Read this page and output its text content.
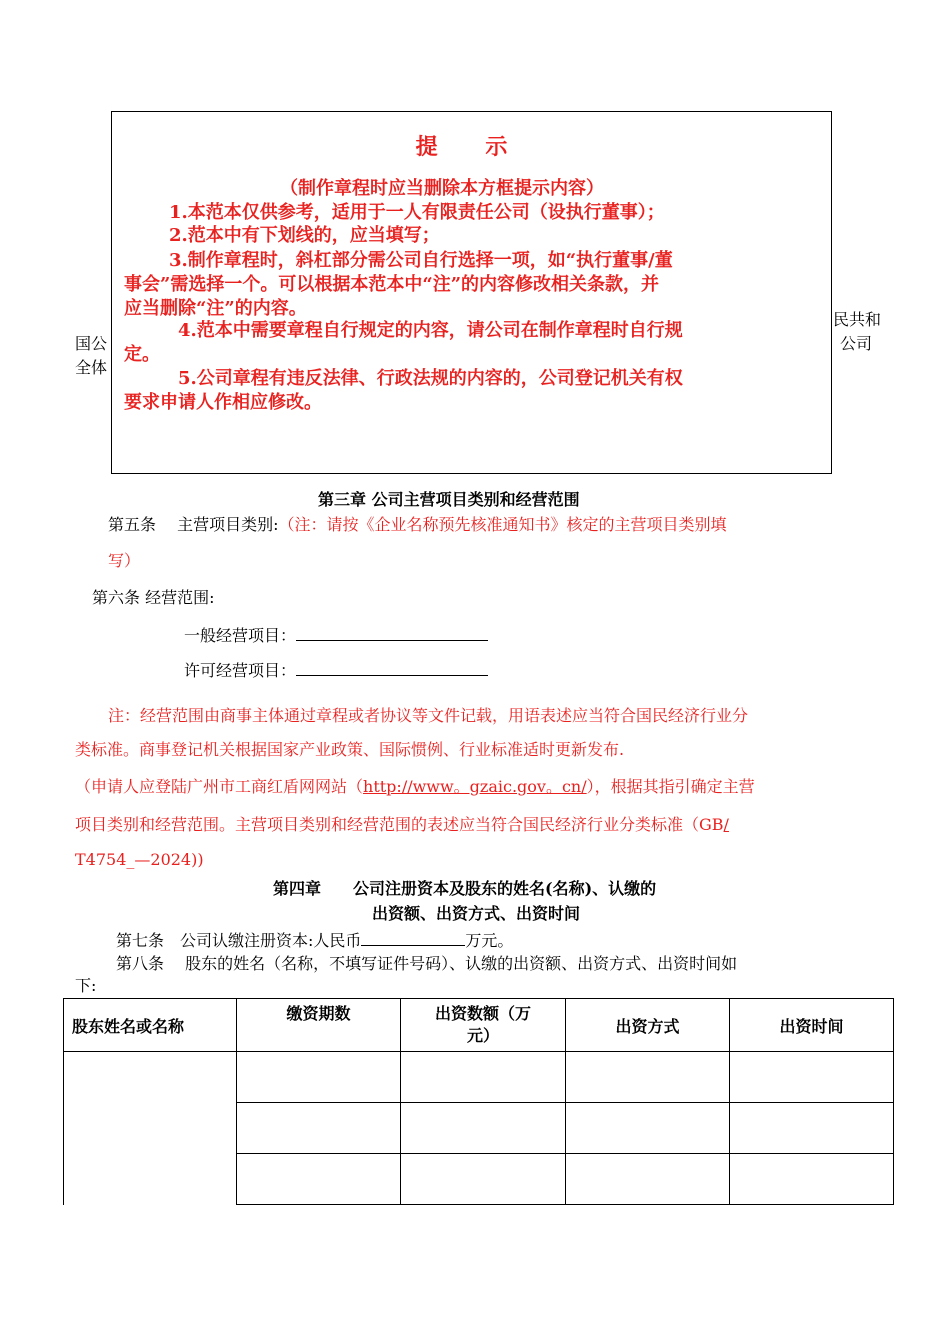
民共和
国公	公司
全体
提 示
（制作章程时应当删除本方框提示内容）
1.本范本仅供参考，适用于一人有限责任公司（设执行董事）；
2.范本中有下划线的，应当填写；
3.制作章程时，斜杠部分需公司自行选择一项，如“执行董事/董
事会”需选择一个。可以根据本范本中“注”的内容修改相关条款，并
应当删除“注”的内容。
4.范本中需要章程自行规定的内容，请公司在制作章程时自行规
定。
5.公司章程有违反法律、行政法规的内容的，公司登记机关有权
要求申请人作相应修改。
第三章 公司主营项目类别和经营范围
第五条　 主营项目类别:（注：请按《企业名称预先核准通知书》核定的主营项目类别填
写）
第六条 经营范围:
一般经营项目：
许可经营项目：
注：经营范围由商事主体通过章程或者协议等文件记载，用语表述应当符合国民经济行业分
类标准。商事登记机关根据国家产业政策、国际惯例、行业标准适时更新发布.
（申请人应登陆广州市工商红盾网网站（http://www。gzaic.gov。cn/），根据其指引确定主营
项目类别和经营范围。主营项目类别和经营范围的表述应当符合国民经济行业分类标准（GB/
T4754_—2024))
第四章　　公司注册资本及股东的姓名(名称)、认缴的
出资额、出资方式、出资时间
第七条　公司认缴注册资本:人民币	万元。
第八条　 股东的姓名（名称，不填写证件号码）、认缴的出资额、出资方式、出资时间如
下:
股东姓名或名称	缴资期数	出资数额（万
元）	出资方式	出资时间
